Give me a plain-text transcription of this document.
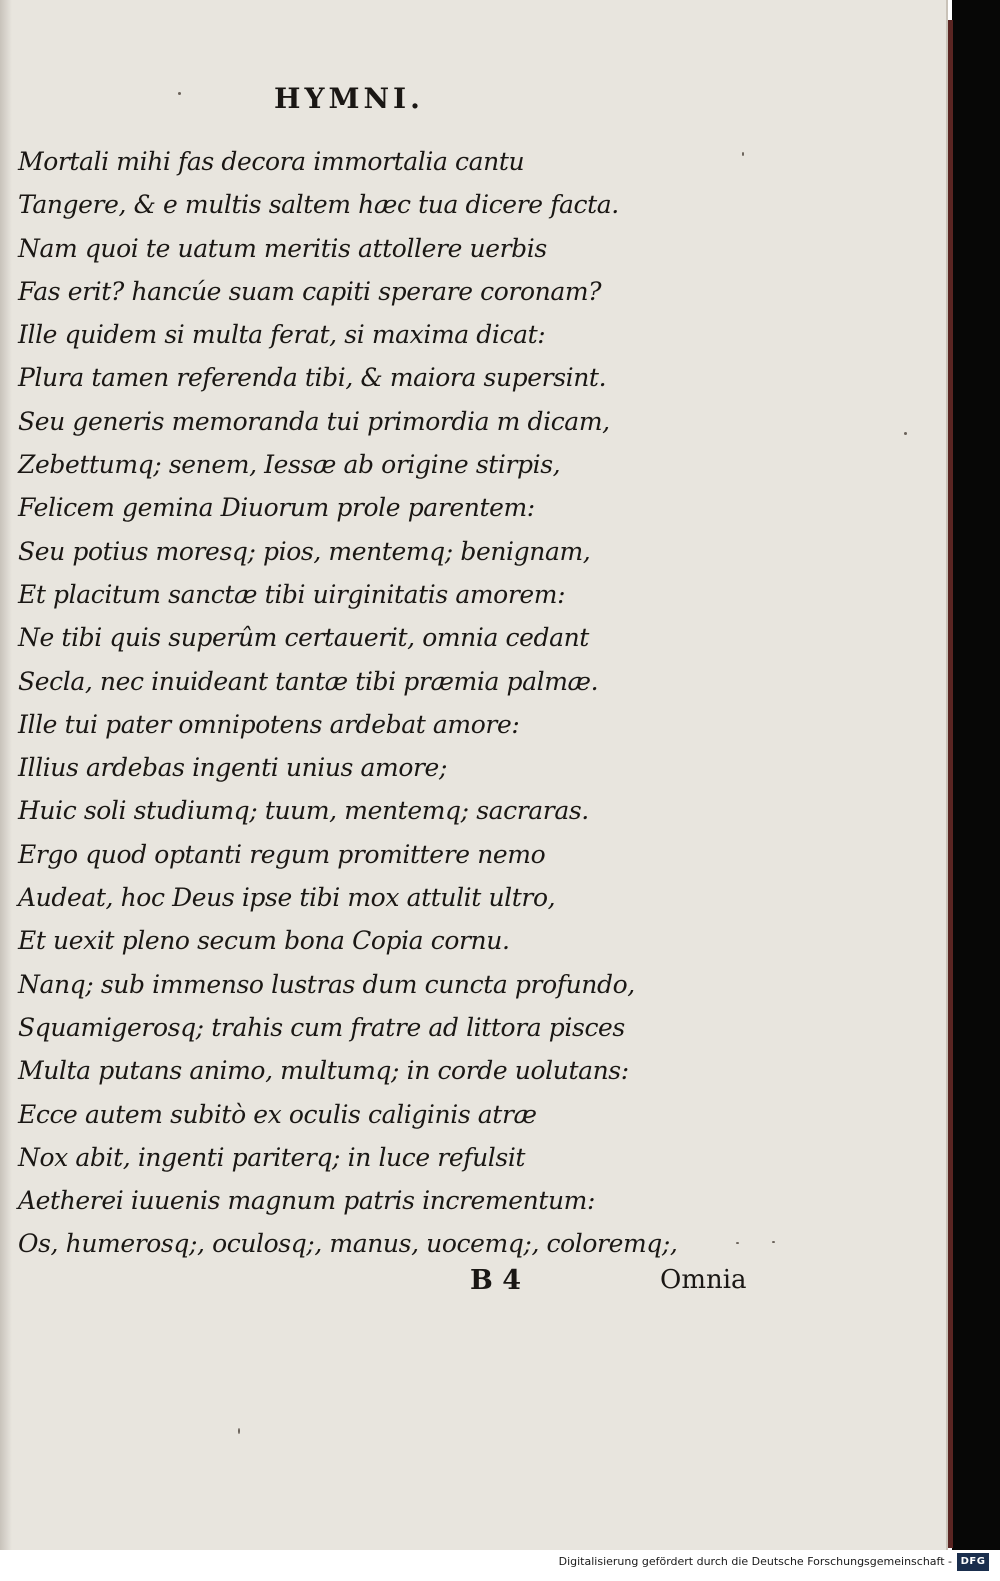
HYMNI.
Mortali mihi fas decora immortalia cantu
Tangere, & e multis saltem hæc tua dicere facta.
Nam quoi te uatum meritis attollere uerbis
Fas erit? hancúe suam capiti sperare coronam?
Ille quidem si multa ferat, si maxima dicat:
Plura tamen referenda tibi, & maiora supersint.
Seu generis memoranda tui primordia m dicam,
Zebettumq; senem, Iessæ ab origine stirpis,
Felicem gemina Diuorum prole parentem:
Seu potius moresq; pios, mentemq; benignam,
Et placitum sanctæ tibi uirginitatis amorem:
Ne tibi quis superûm certauerit, omnia cedant
Secla, nec inuideant tantæ tibi præmia palmæ.
Ille tui pater omnipotens ardebat amore:
Illius ardebas ingenti unius amore;
Huic soli studiumq; tuum, mentemq; sacraras.
Ergo quod optanti regum promittere nemo
Audeat, hoc Deus ipse tibi mox attulit ultro,
Et uexit pleno secum bona Copia cornu.
Nanq; sub immenso lustras dum cuncta profundo,
Squamigerosq; trahis cum fratre ad littora pisces
Multa putans animo, multumq; in corde uolutans:
Ecce autem subitò ex oculis caliginis atræ
Nox abit, ingenti pariterq; in luce refulsit
Aetherei iuuenis magnum patris incrementum:
Os, humerosq;, oculosq;, manus, uocemq;, coloremq;,
B 4	Omnia
Digitalisierung gefördert durch die Deutsche Forschungsgemeinschaft - DFG
